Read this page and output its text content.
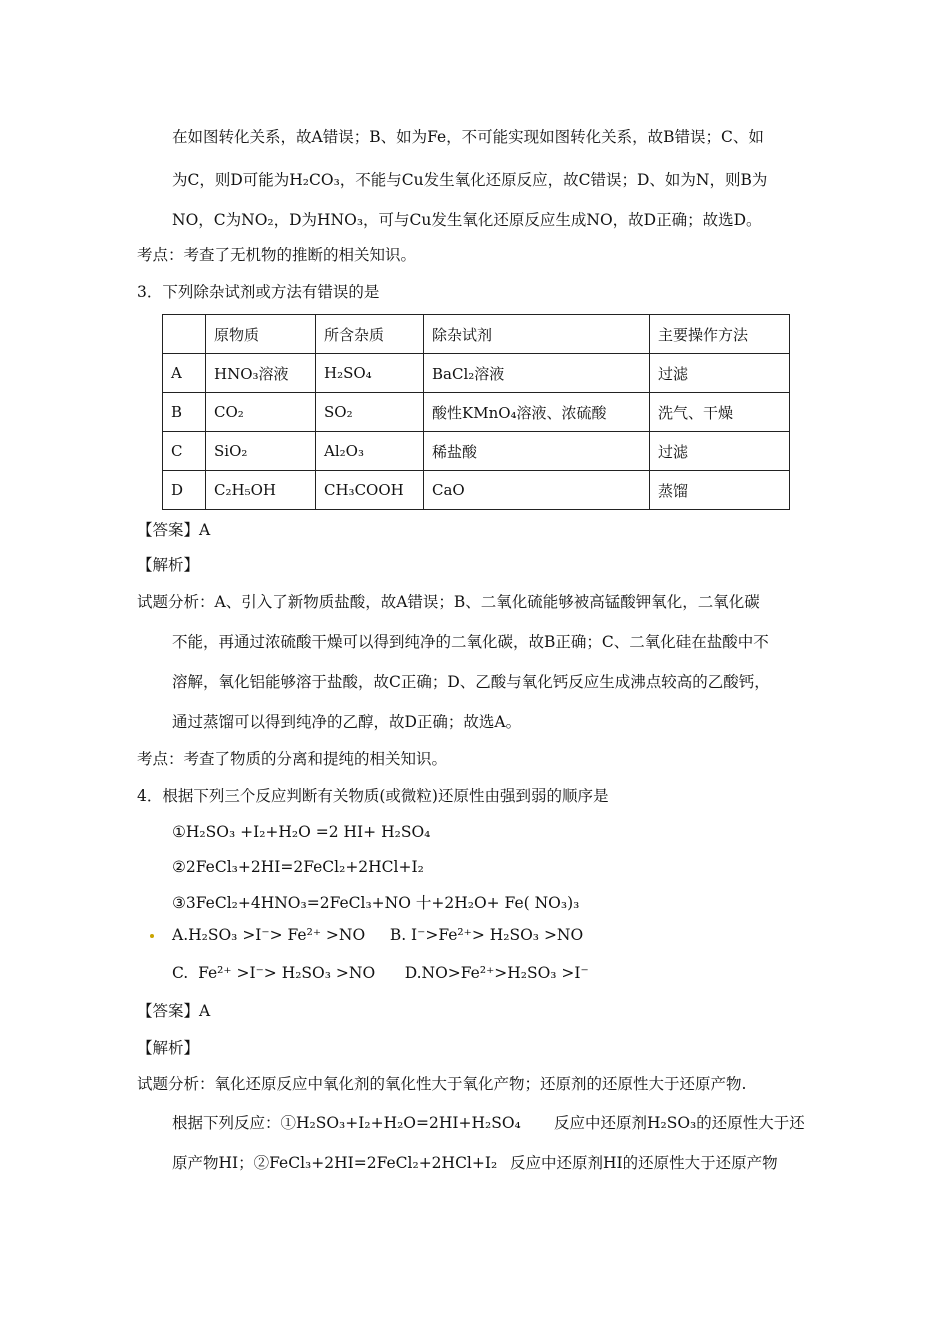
在如图转化关系，故A错误；B、如为Fe，不可能实现如图转化关系，故B错误；C、如
为C，则D可能为H₂CO₃，不能与Cu发生氧化还原反应，故C错误；D、如为N，则B为
NO，C为NO₂，D为HNO₃，可与Cu发生氧化还原反应生成NO，故D正确；故选D。
考点：考查了无机物的推断的相关知识。
3．下列除杂试剂或方法有错误的是
	原物质	所含杂质	除杂试剂	主要操作方法
A	HNO₃溶液	H₂SO₄	BaCl₂溶液	过滤
B	CO₂	SO₂	酸性KMnO₄溶液、浓硫酸	洗气、干燥
C	SiO₂	Al₂O₃	稀盐酸	过滤
D	C₂H₅OH	CH₃COOH	CaO	蒸馏
【答案】A
【解析】
试题分析：A、引入了新物质盐酸，故A错误；B、二氧化硫能够被高锰酸钾氧化，二氧化碳
不能，再通过浓硫酸干燥可以得到纯净的二氧化碳，故B正确；C、二氧化硅在盐酸中不
溶解，氧化铝能够溶于盐酸，故C正确；D、乙酸与氧化钙反应生成沸点较高的乙酸钙，
通过蒸馏可以得到纯净的乙醇，故D正确；故选A。
考点：考查了物质的分离和提纯的相关知识。
4．根据下列三个反应判断有关物质(或微粒)还原性由强到弱的顺序是
①H₂SO₃ +I₂+H₂O =2 HI+ H₂SO₄
②2FeCl₃+2HI=2FeCl₂+2HCl+I₂
③3FeCl₂+4HNO₃=2FeCl₃+NO 十+2H₂O+ Fe( NO₃)₃
A.H₂SO₃ >I⁻> Fe²⁺ >NO     B. I⁻>Fe²⁺> H₂SO₃ >NO
C.  Fe²⁺ >I⁻> H₂SO₃ >NO      D.NO>Fe²⁺>H₂SO₃ >I⁻
【答案】A
【解析】
试题分析：氧化还原反应中氧化剂的氧化性大于氧化产物；还原剂的还原性大于还原产物.
根据下列反应：①H₂SO₃+I₂+H₂O=2HI+H₂SO₄ 反应中还原剂H₂SO₃的还原性大于还
原产物HI；②FeCl₃+2HI=2FeCl₂+2HCl+I₂ 反应中还原剂HI的还原性大于还原产物
